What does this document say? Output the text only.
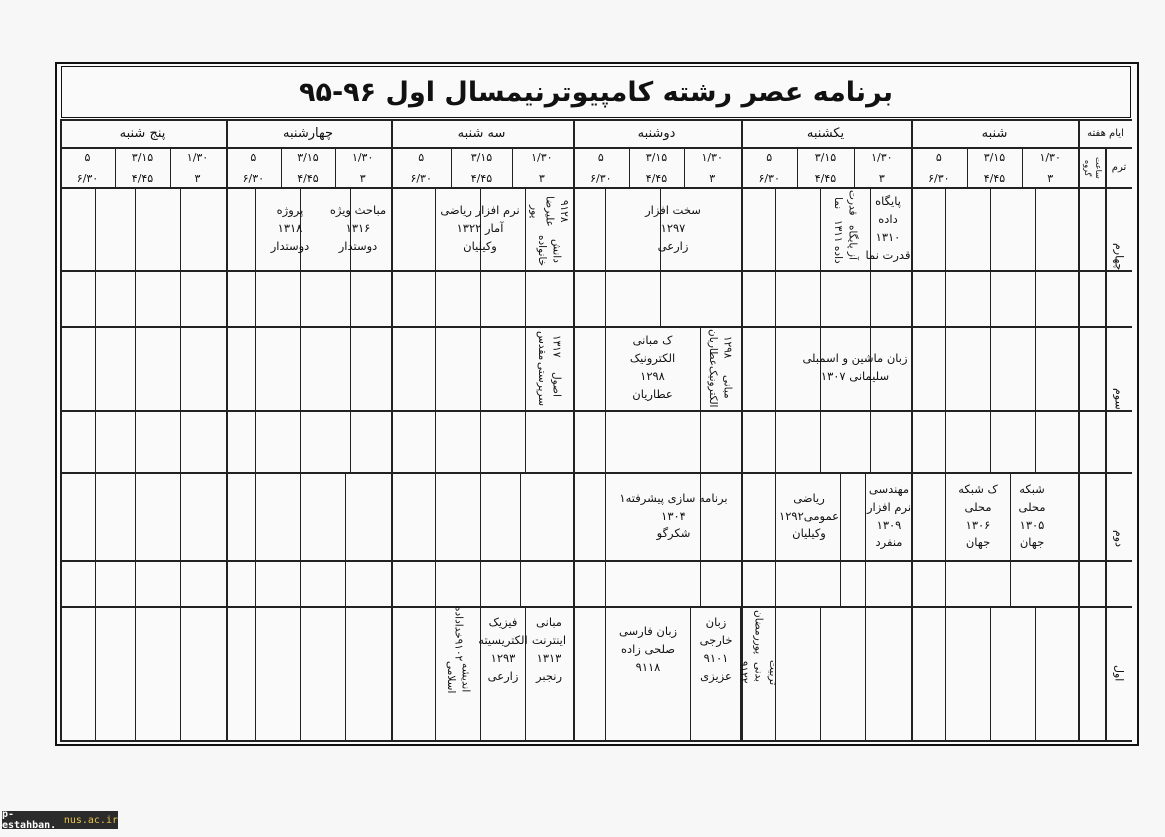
برنامه عصر رشته کامپیوترنیمسال اول ۹۶-۹۵
شنبه
یکشنبه
دوشنبه
سه شنبه
چهارشنبه
پنج شنبه	ایام هفته
ترم
ساعت گروه
۱/۳۰
۳
۳/۱۵
۴/۴۵
۵
۶/۳۰
۱/۳۰
۳
۳/۱۵
۴/۴۵
۵
۶/۳۰
۱/۳۰
۳
۳/۱۵
۴/۴۵
۵
۶/۳۰
۱/۳۰
۳
۳/۱۵
۴/۴۵
۵
۶/۳۰
۱/۳۰
۳
۳/۱۵
۴/۴۵
۵
۶/۳۰
۱/۳۰
۳
۳/۱۵
۴/۴۵
۵
۶/۳۰
چهارم
سوم
دوم
اول
پایگاه
داده
۱۳۱۰
قدرت نما
آز پایگاه داده ۱۳۱۱
قدرت نما
سخت افزار
۱۲۹۷
زارعی
دانش خانواده
۹۱۲۸ علیرضا پور
نرم افزار ریاضی
آمار ۱۳۲۲
وکیلیان
مباحث ویژه
۱۳۱۶
دوستدار
پروژه
۱۳۱۸
دوستدار
زبان ماشین و اسمبلی
سلیمانی ۱۳۰۷
مبانی الکترونیک
۱۲۹۸ عطاریان
ک مبانی
الکترونیک
۱۲۹۸
عطاریان
اصول سرپرستی
۱۳۱۷ مقدس
شبکه
محلی
۱۳۰۵
جهان
ک شبکه
محلی
۱۳۰۶
جهان
مهندسی
نرم افزار
۱۳۰۹
منفرد
ریاضی
عمومی۱۲۹۲
وکیلیان
برنامه سازی پیشرفته۱
۱۳۰۴
شکرگو
تربیت بدنی ۹۱۲۲
پوررمضان
زبان
خارجی
۹۱۰۱
عزیزی
زبان فارسی
صلحی زاده
۹۱۱۸
مبانی
اینترنت
۱۳۱۳
رنجبر
فیزیک
الکتریسیته
۱۲۹۳
زارعی
اندیشه اسلامی
۹۱۰۲خداداده
p-estahban. nus.ac.ir
